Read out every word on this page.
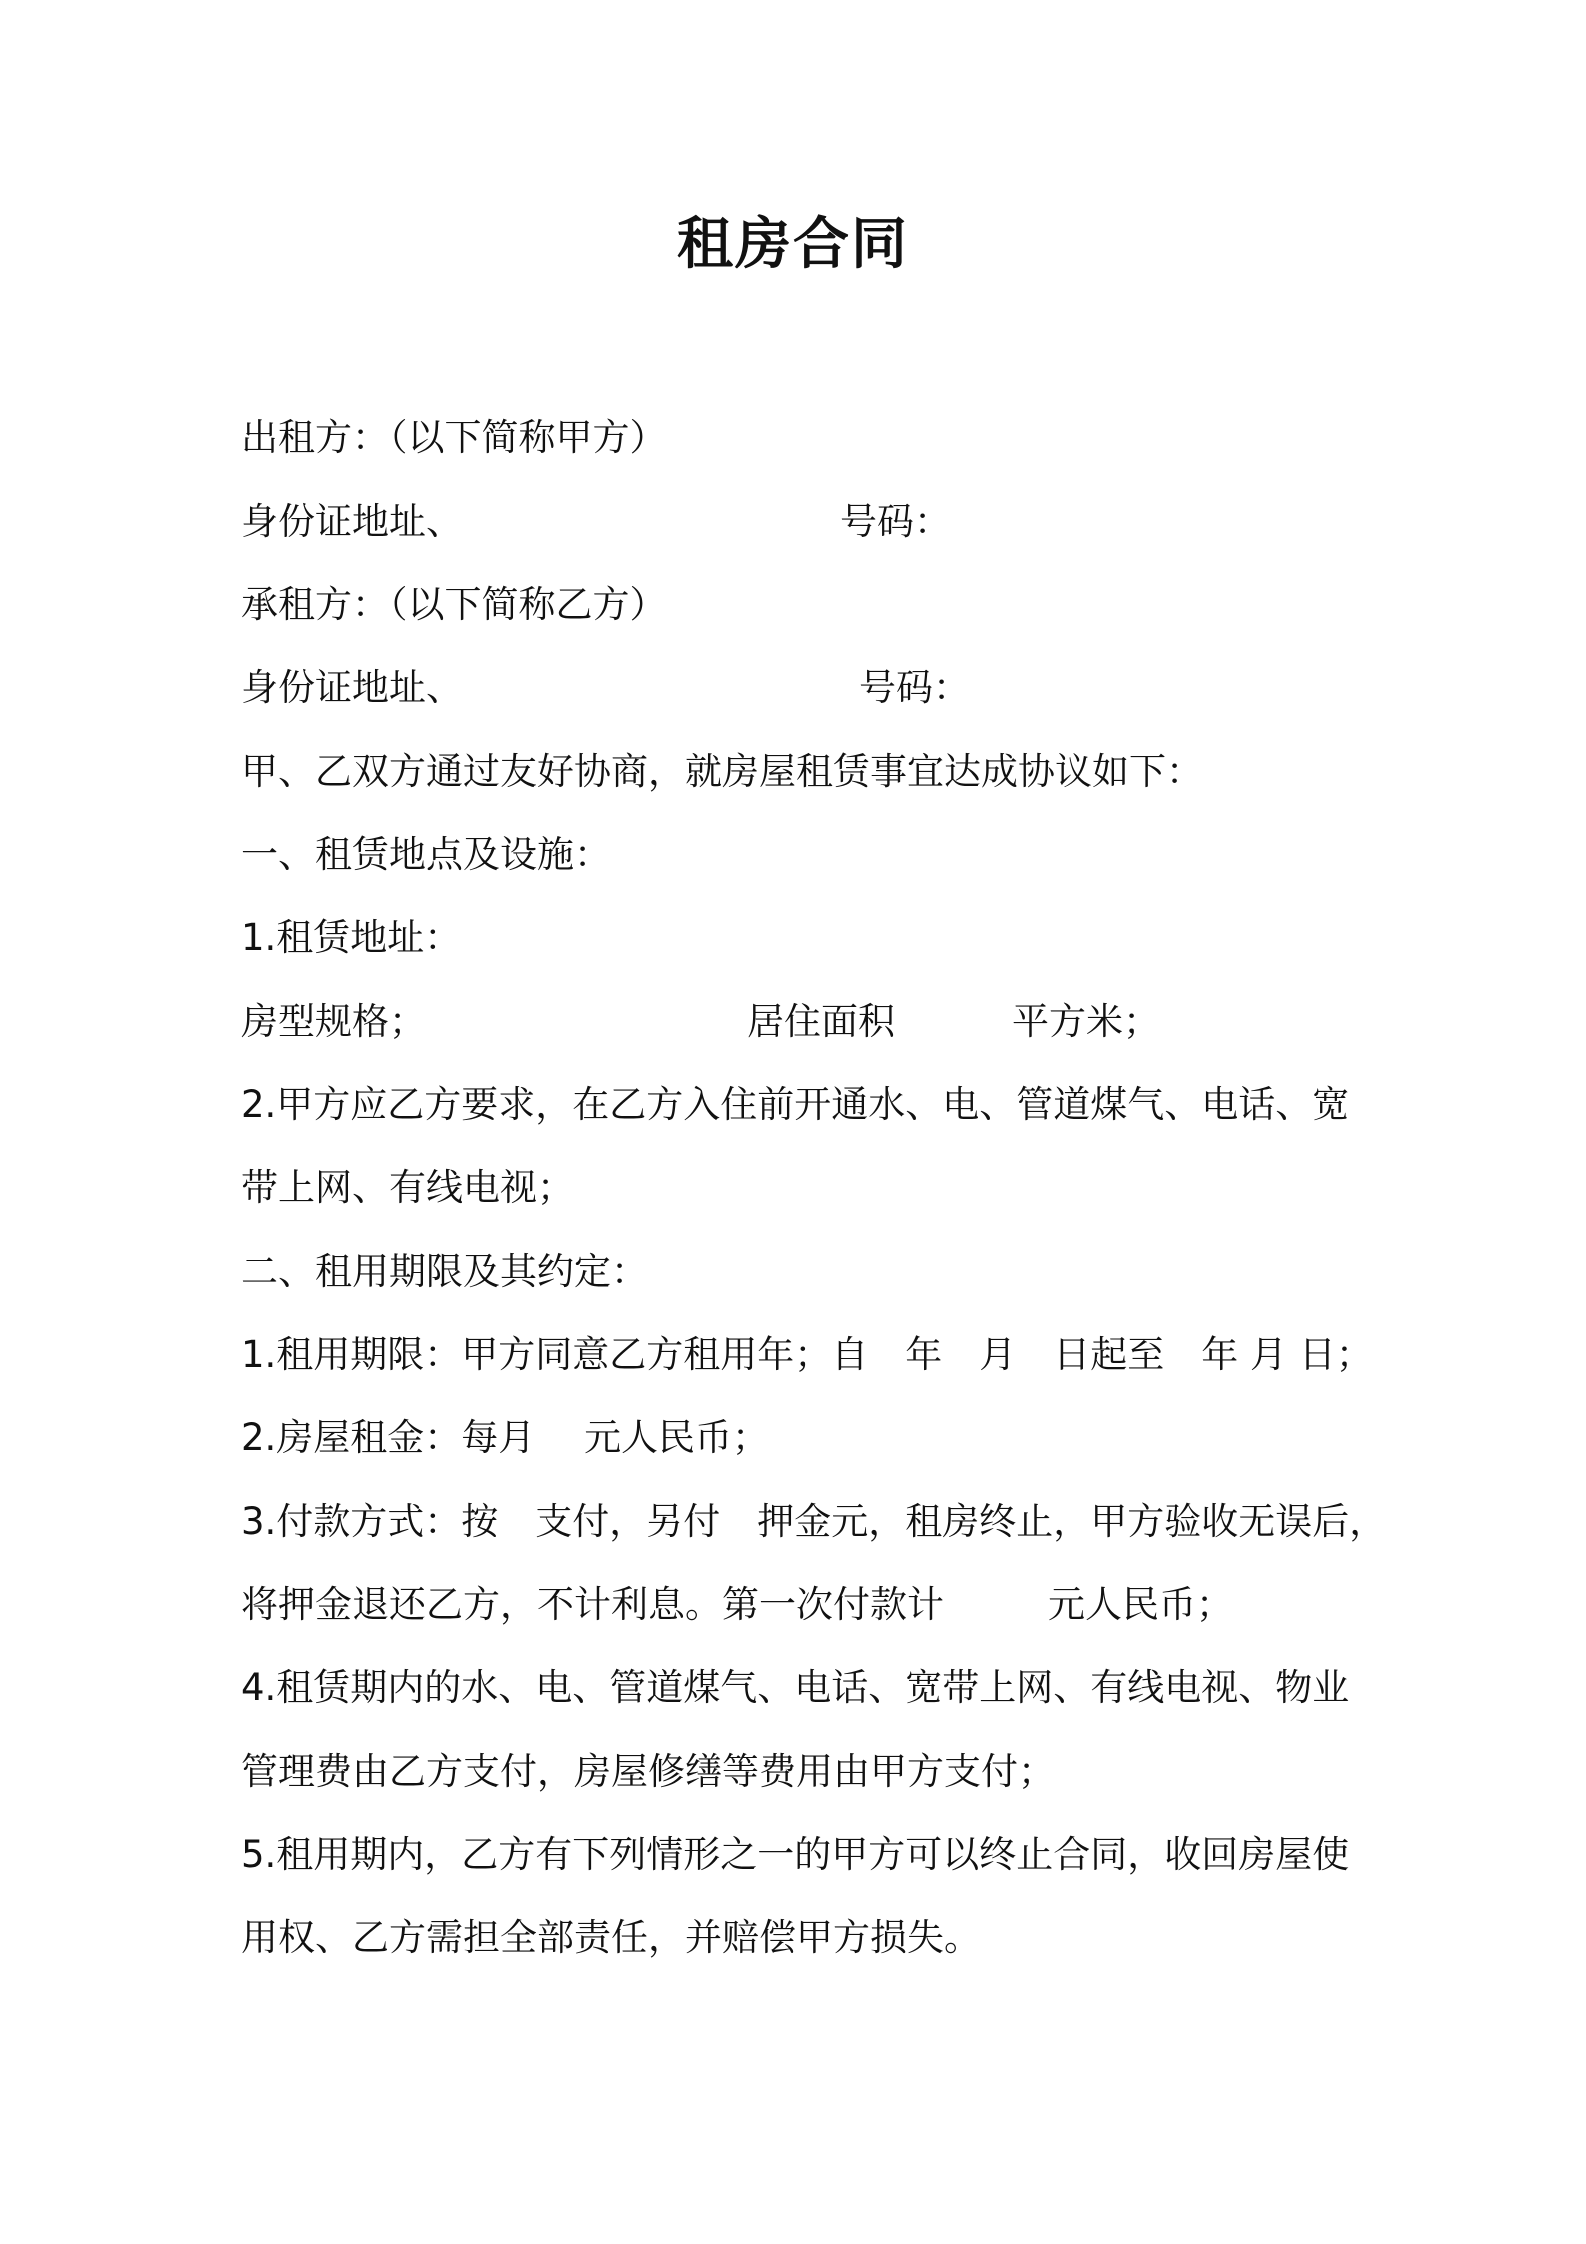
租房合同
出租方：（以下简称甲方）

身份证地址、

	号码：

承租方：（以下简称乙方）

身份证地址、

	号码：

甲、乙双方通过友好协商，就房屋租赁事宜达成协议如下：
一、租赁地点及设施：
1.租赁地址：

房型规格；

	居住面积

	平方米；

2.甲方应乙方要求，在乙方入住前开通水、电、管道煤气、电话、宽
带上网、有线电视；
二、租用期限及其约定：
1.租用期限：甲方同意乙方租用年；自　年　月　日起至　年 月 日；
2.房屋租金：每月　 元人民币；
3.付款方式：按　支付，另付　押金元，租房终止，甲方验收无误后，

将押金退还乙方，不计利息。第一次付款计

	元人民币；

4.租赁期内的水、电、管道煤气、电话、宽带上网、有线电视、物业
管理费由乙方支付，房屋修缮等费用由甲方支付；
5.租用期内，乙方有下列情形之一的甲方可以终止合同，收回房屋使
用权、乙方需担全部责任，并赔偿甲方损失。
